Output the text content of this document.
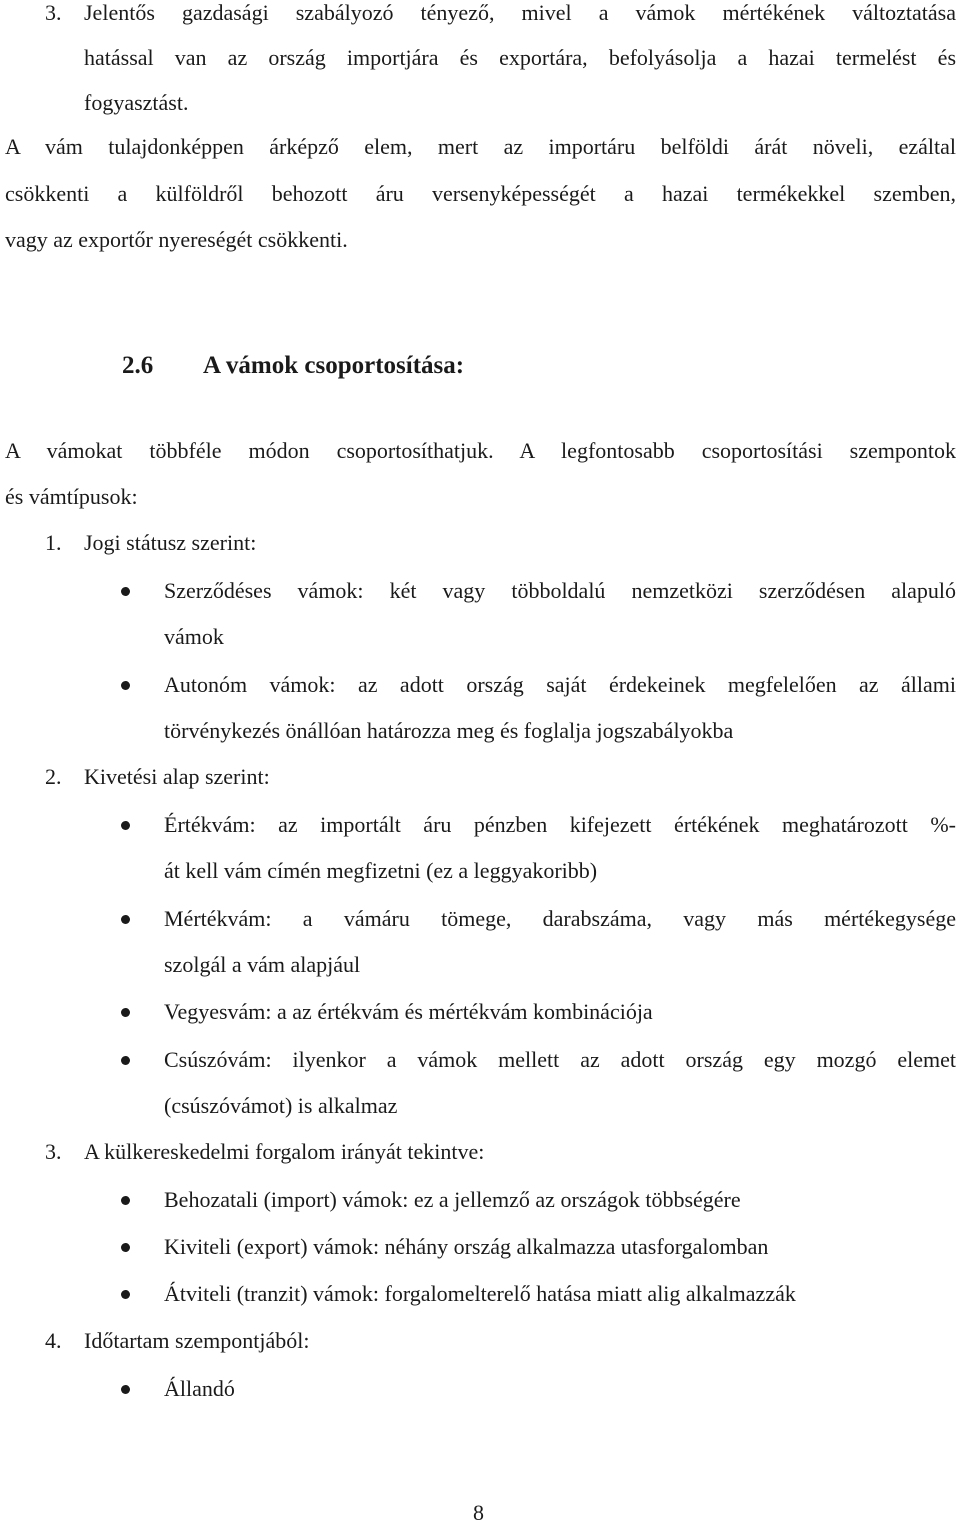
3. Jelentős gazdasági szabályozó tényező, mivel a vámok mértékének változtatása
hatással van az ország importjára és exportára, befolyásolja a hazai termelést és
fogyasztást.
A vám tulajdonképpen árképző elem, mert az importáru belföldi árát növeli, ezáltal
csökkenti a külföldről behozott áru versenyképességét a hazai termékekkel szemben,
vagy az exportőr nyereségét csökkenti.
2.6 A vámok csoportosítása:
A vámokat többféle módon csoportosíthatjuk. A legfontosabb csoportosítási szempontok
és vámtípusok:
1. Jogi státusz szerint:
Szerződéses vámok: két vagy többoldalú nemzetközi szerződésen alapuló
vámok
Autonóm vámok: az adott ország saját érdekeinek megfelelően az állami
törvénykezés önállóan határozza meg és foglalja jogszabályokba
2. Kivetési alap szerint:
Értékvám: az importált áru pénzben kifejezett értékének meghatározott %-
át kell vám címén megfizetni (ez a leggyakoribb)
Mértékvám: a vámáru tömege, darabszáma, vagy más mértékegysége
szolgál a vám alapjául
Vegyesvám: a az értékvám és mértékvám kombinációja
Csúszóvám: ilyenkor a vámok mellett az adott ország egy mozgó elemet
(csúszóvámot) is alkalmaz
3. A külkereskedelmi forgalom irányát tekintve:
Behozatali (import) vámok: ez a jellemző az országok többségére
Kiviteli (export) vámok: néhány ország alkalmazza utasforgalomban
Átviteli (tranzit) vámok: forgalomelterelő hatása miatt alig alkalmazzák
4. Időtartam szempontjából:
Állandó
8
